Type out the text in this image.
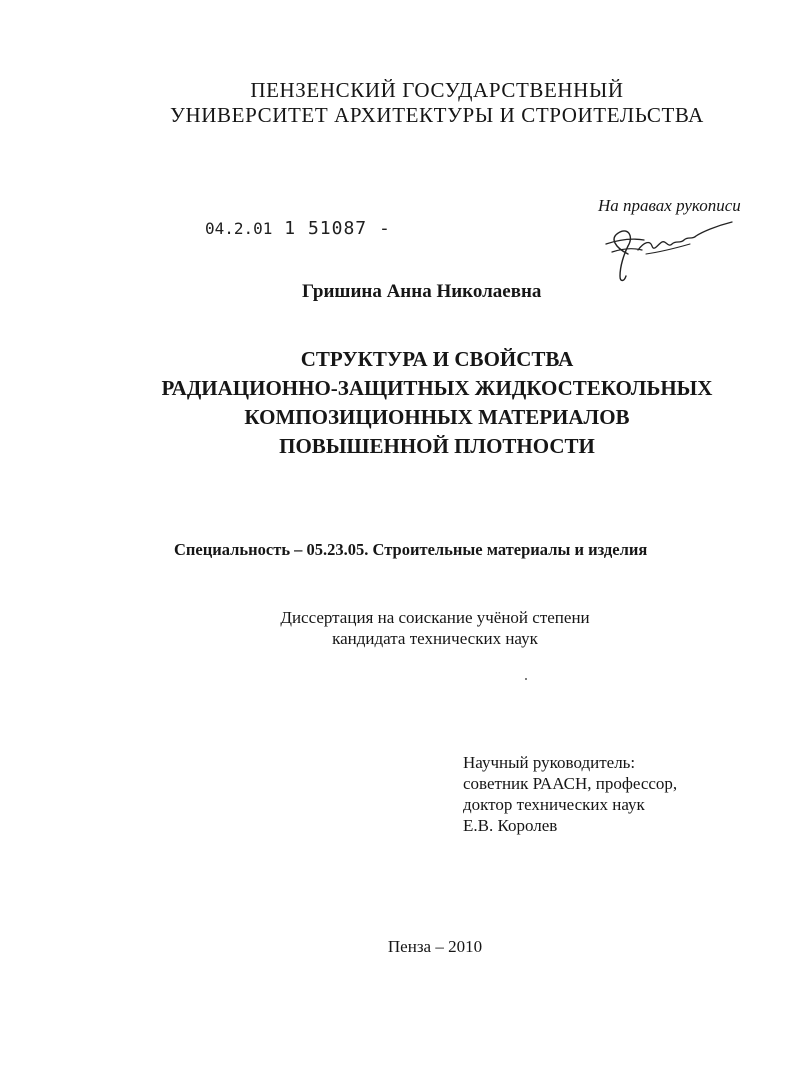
ПЕНЗЕНСКИЙ ГОСУДАРСТВЕННЫЙ
УНИВЕРСИТЕТ АРХИТЕКТУРЫ И СТРОИТЕЛЬСТВА
04.2.01 1 51087 -
На правах рукописи
Гришина Анна Николаевна
СТРУКТУРА И СВОЙСТВА
РАДИАЦИОННО-ЗАЩИТНЫХ ЖИДКОСТЕКОЛЬНЫХ
КОМПОЗИЦИОННЫХ МАТЕРИАЛОВ
ПОВЫШЕННОЙ ПЛОТНОСТИ
Специальность – 05.23.05. Строительные материалы и изделия
Диссертация на соискание учёной степени
кандидата технических наук
Научный руководитель:
советник РААСН, профессор,
доктор технических наук
Е.В. Королев
Пенза – 2010
